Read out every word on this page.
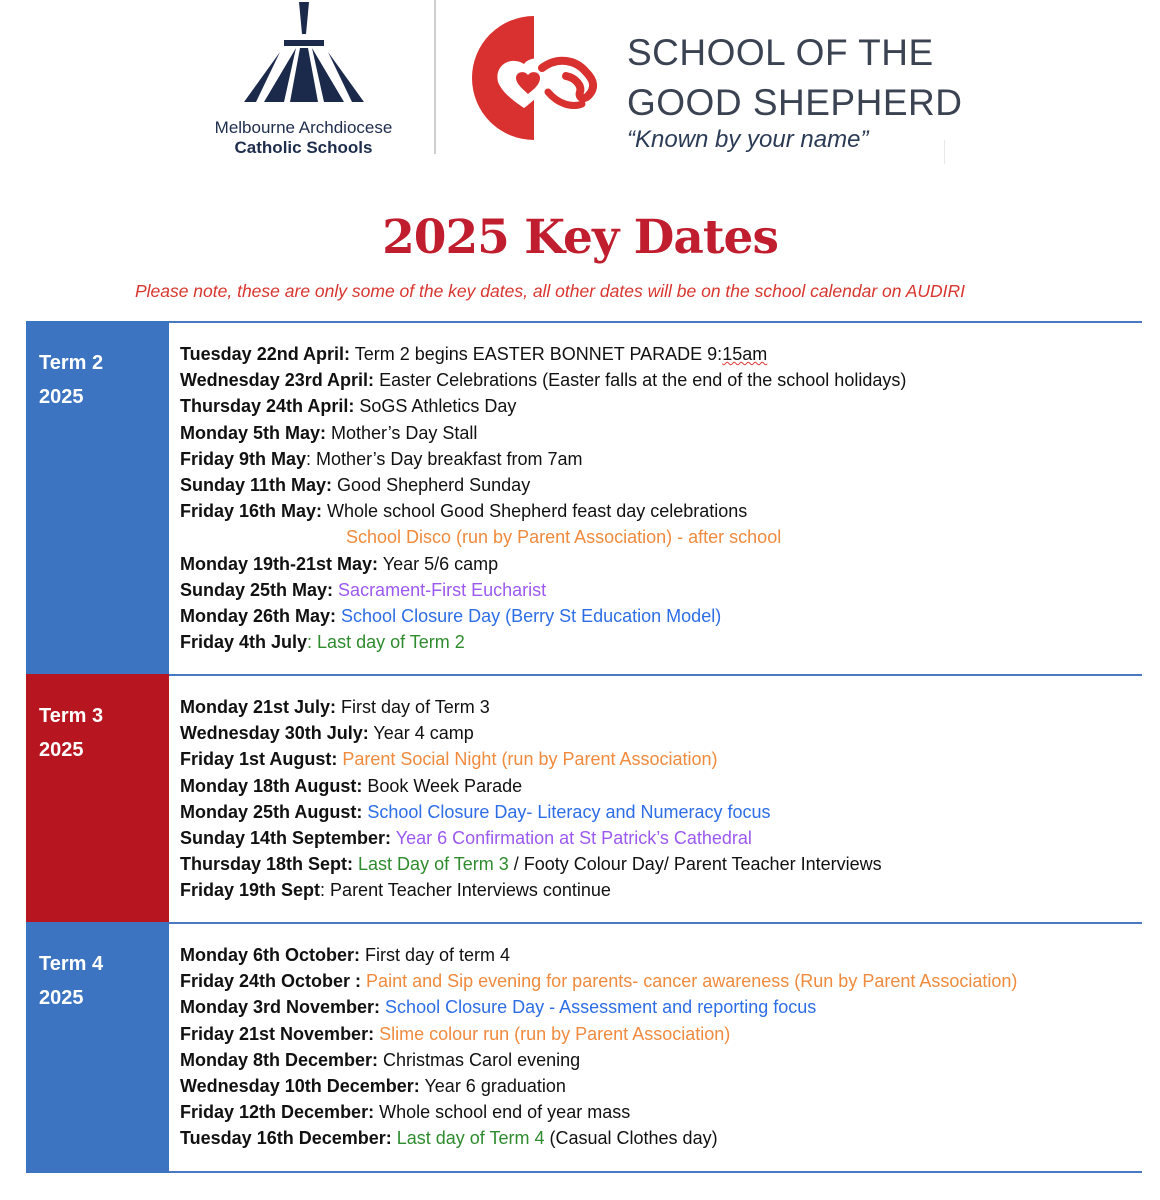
Melbourne Archdiocese
Catholic Schools
SCHOOL OF THE
GOOD SHEPHERD
“Known by your name”
2025 Key Dates
Please note, these are only some of the key dates, all other dates will be on the school calendar on AUDIRI
Term 2
2025
Tuesday 22nd April: Term 2 begins EASTER BONNET PARADE 9:15am
Wednesday 23rd April: Easter Celebrations (Easter falls at the end of the school holidays)
Thursday 24th April: SoGS Athletics Day
Monday 5th May: Mother’s Day Stall
Friday 9th May: Mother’s Day breakfast from 7am
Sunday 11th May: Good Shepherd Sunday
Friday 16th May: Whole school Good Shepherd feast day celebrations
School Disco (run by Parent Association) - after school
Monday 19th-21st May: Year 5/6 camp
Sunday 25th May: Sacrament-First Eucharist
Monday 26th May: School Closure Day (Berry St Education Model)
Friday 4th July: Last day of Term 2
Term 3
2025
Monday 21st July: First day of Term 3
Wednesday 30th July: Year 4 camp
Friday 1st August: Parent Social Night (run by Parent Association)
Monday 18th August: Book Week Parade
Monday 25th August: School Closure Day- Literacy and Numeracy focus
Sunday 14th September: Year 6 Confirmation at St Patrick’s Cathedral
Thursday 18th Sept: Last Day of Term 3 / Footy Colour Day/ Parent Teacher Interviews
Friday 19th Sept: Parent Teacher Interviews continue
Term 4
2025
Monday 6th October: First day of term 4
Friday 24th October : Paint and Sip evening for parents- cancer awareness (Run by Parent Association)
Monday 3rd November: School Closure Day - Assessment and reporting focus
Friday 21st November: Slime colour run (run by Parent Association)
Monday 8th December: Christmas Carol evening
Wednesday 10th December: Year 6 graduation
Friday 12th December: Whole school end of year mass
Tuesday 16th December: Last day of Term 4 (Casual Clothes day)
